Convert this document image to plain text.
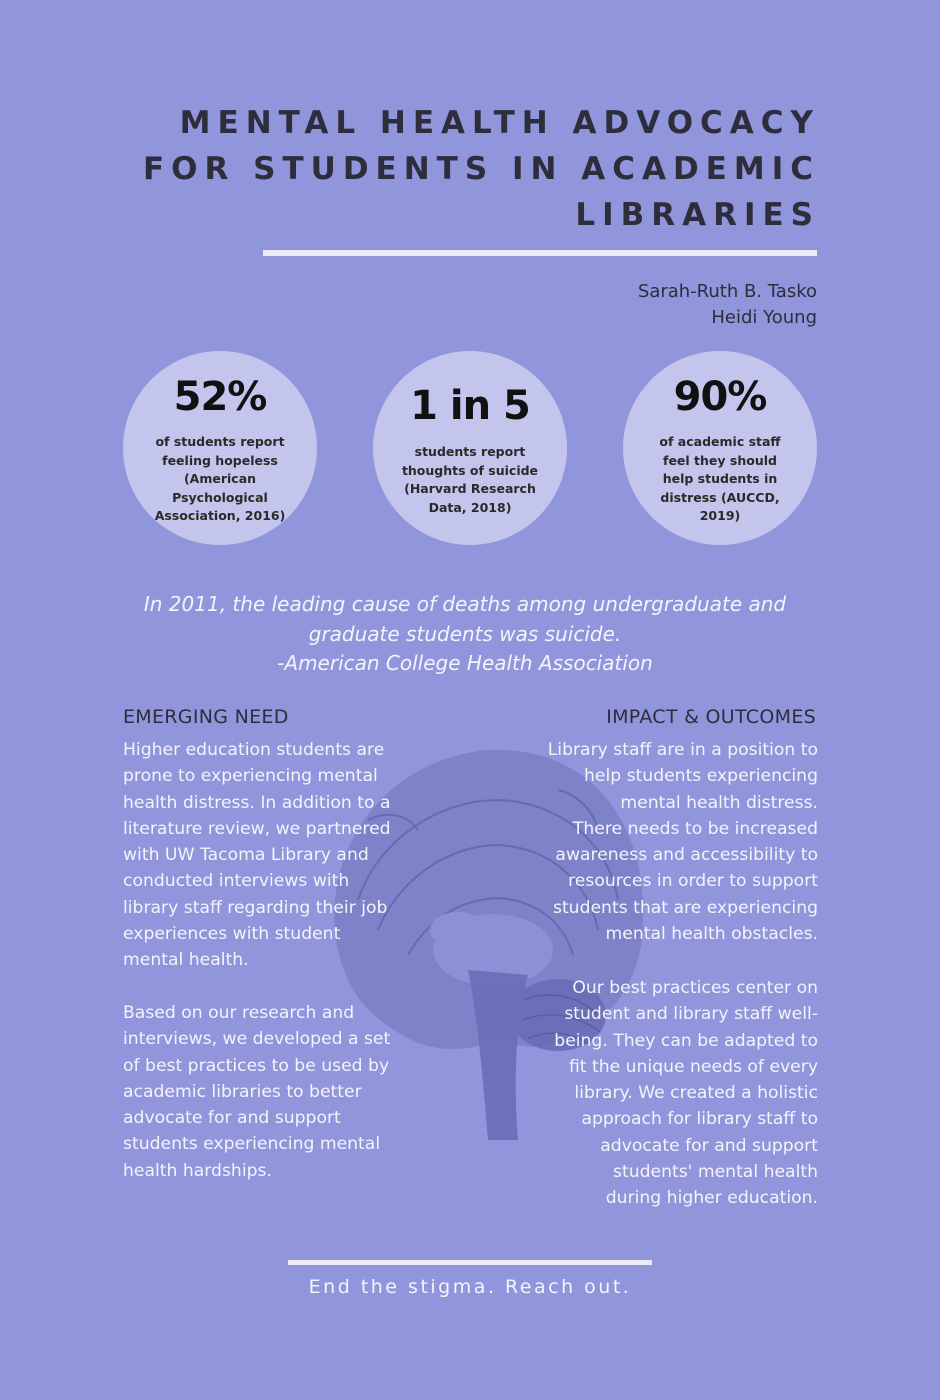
MENTAL HEALTH ADVOCACY
FOR STUDENTS IN ACADEMIC
LIBRARIES
Sarah-Ruth B. Tasko
Heidi Young
52%
of students report
feeling hopeless
(American
Psychological
Association, 2016)
1 in 5
students report
thoughts of suicide
(Harvard Research
Data, 2018)
90%
of academic staff
feel they should
help students in
distress (AUCCD,
2019)
In 2011, the leading cause of deaths among undergraduate and
graduate students was suicide.
-American College Health Association
EMERGING NEED	IMPACT & OUTCOMES
Higher education students are
prone to experiencing mental
health distress. In addition to a
literature review, we partnered
with UW Tacoma Library and
conducted interviews with
library staff regarding their job
experiences with student
mental health.
Based on our research and
interviews, we developed a set
of best practices to be used by
academic libraries to better
advocate for and support
students experiencing mental
health hardships.
Library staff are in a position to
help students experiencing
mental health distress.
There needs to be increased
awareness and accessibility to
resources in order to support
students that are experiencing
mental health obstacles.
Our best practices center on
student and library staff well-
being. They can be adapted to
fit the unique needs of every
library. We created a holistic
approach for library staff to
advocate for and support
students' mental health
during higher education.
End the stigma. Reach out.
